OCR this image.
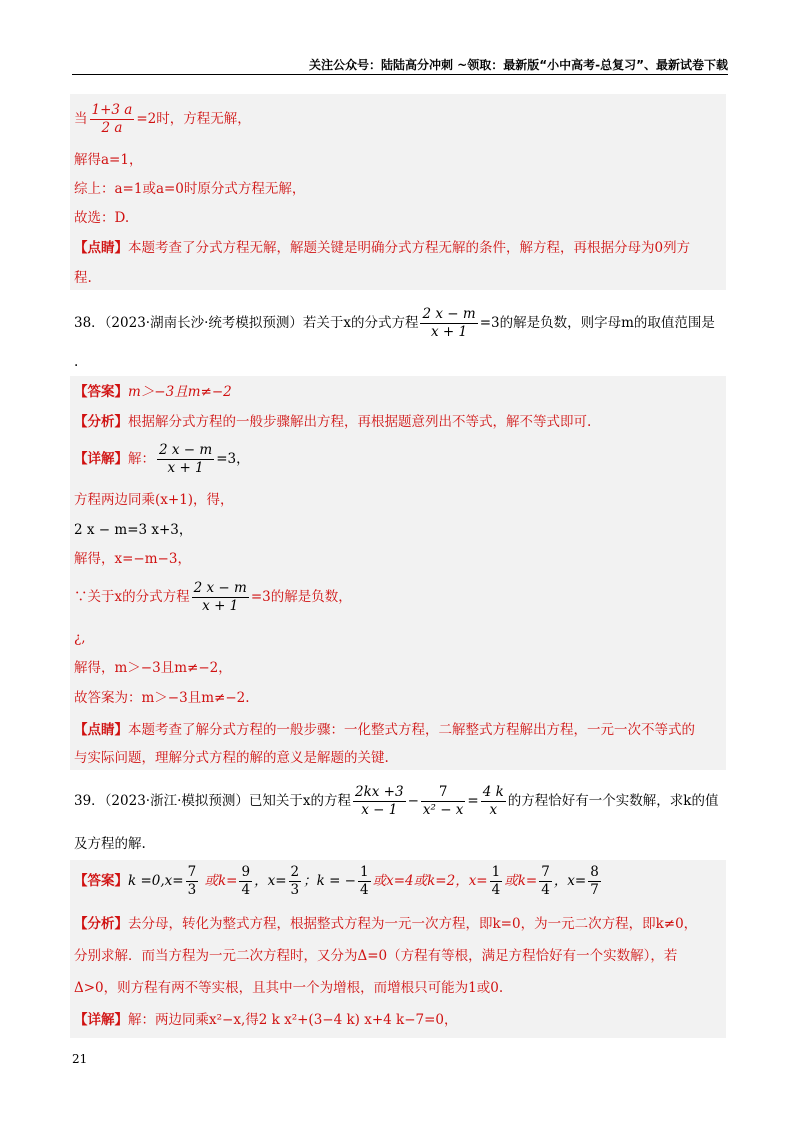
关注公众号：陆陆高分冲刺 ~领取：最新版“小中高考-总复习”、最新试卷下载
当 $\frac{1+3 a}{2 a} =2$时，方程无解，
解得a=1，
综上：a=1或a=0时原分式方程无解，
故选：D.
【点睛】本题考查了分式方程无解，解题关键是明确分式方程无解的条件，解方程，再根据分母为0列方
程.
38．（2023·湖南长沙·统考模拟预测）若关于x的分式方程 $\frac{2 x - m}{x + 1} =3$的解是负数，则字母m的取值范围是
.
【答案】m＞−3且m≠−2
【分析】根据解分式方程的一般步骤解出方程，再根据题意列出不等式，解不等式即可.
【详解】解： $\frac{2 x - m}{x + 1} =3$，
方程两边同乘(x+1)，得，
2 x − m=3 x+3，
解得，x=−m−3，
∵关于x的分式方程 $\frac{2 x - m}{x + 1} =3$的解是负数，
¿,
解得，m＞−3且m≠−2，
故答案为：m＞−3且m≠−2.
【点睛】本题考查了解分式方程的一般步骤：一化整式方程，二解整式方程解出方程，一元一次不等式的
与实际问题，理解分式方程的解的意义是解题的关键.
39．（2023·浙江·模拟预测）已知关于x的方程 $\frac{2kx +3}{x - 1} - \frac{7}{\text{x² − x}} = \frac{4 k}{x}$ 的方程恰好有一个实数解，求k的值
及方程的解.
【答案】$k =0,x= \frac{7}{3}$ 或$k= \frac{9}{4}$ ，$x= \frac{2}{3}$ ；k = − $\frac{1}{4}$ 或x=4或k=2，$x= \frac{1}{4}$ 或$k= \frac{7}{4}$ ，$x= \frac{8}{7}$
【分析】去分母，转化为整式方程，根据整式方程为一元一次方程，即k=0，为一元二次方程，即k≠0，
分别求解．而当方程为一元二次方程时，又分为Δ=0（方程有等根，满足方程恰好有一个实数解），若
Δ>0，则方程有两不等实根，且其中一个为增根，而增根只可能为1或0.
【详解】解：两边同乘x²−x,得2 k x²+(3−4 k) x+4 k−7=0，
21
